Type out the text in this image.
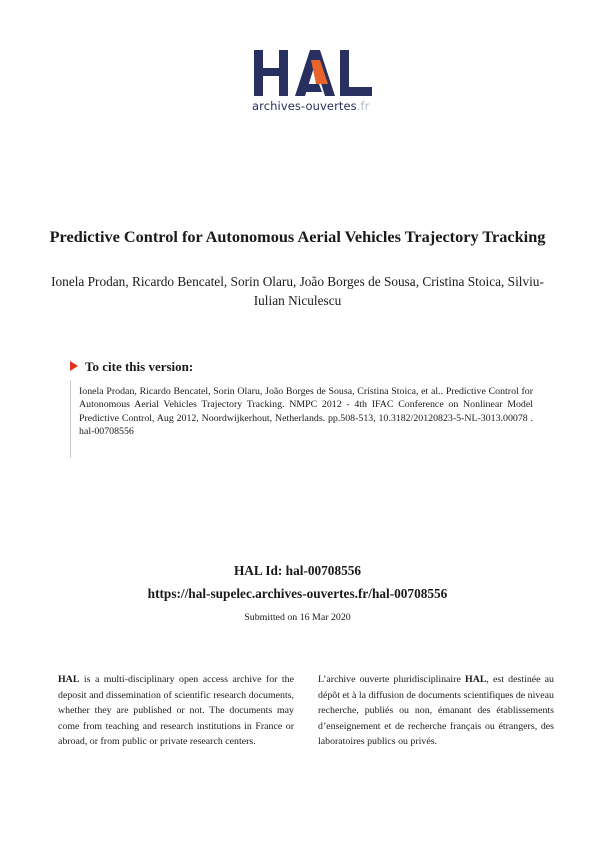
archives-ouvertes.fr
Predictive Control for Autonomous Aerial Vehicles Trajectory Tracking
Ionela Prodan, Ricardo Bencatel, Sorin Olaru, João Borges de Sousa, Cristina Stoica, Silviu-Iulian Niculescu
To cite this version:
Ionela Prodan, Ricardo Bencatel, Sorin Olaru, João Borges de Sousa, Cristina Stoica, et al.. Predictive Control for Autonomous Aerial Vehicles Trajectory Tracking. NMPC 2012 - 4th IFAC Conference on Nonlinear Model Predictive Control, Aug 2012, Noordwijkerhout, Netherlands. pp.508-513, 10.3182/20120823-5-NL-3013.00078 . hal-00708556
HAL Id: hal-00708556
https://hal-supelec.archives-ouvertes.fr/hal-00708556
Submitted on 16 Mar 2020
HAL is a multi-disciplinary open access archive for the deposit and dissemination of scientific research documents, whether they are published or not. The documents may come from teaching and research institutions in France or abroad, or from public or private research centers.
L’archive ouverte pluridisciplinaire HAL, est destinée au dépôt et à la diffusion de documents scientifiques de niveau recherche, publiés ou non, émanant des établissements d’enseignement et de recherche français ou étrangers, des laboratoires publics ou privés.
